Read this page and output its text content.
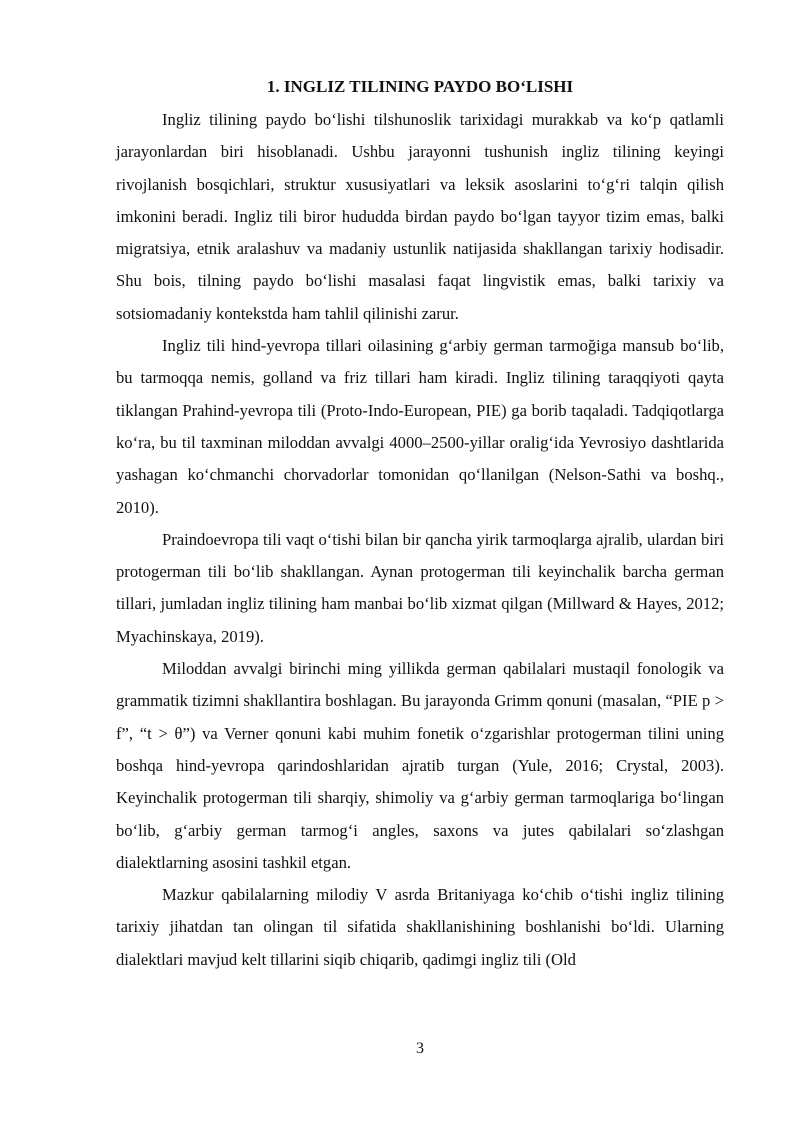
1. INGLIZ TILINING PAYDO BOʻLISHI

Ingliz tilining paydo boʻlishi tilshunoslik tarixidagi murakkab va koʻp qatlamli jarayonlardan biri hisoblanadi. Ushbu jarayonni tushunish ingliz tilining keyingi rivojlanish bosqichlari, struktur xususiyatlari va leksik asoslarini toʻgʻri talqin qilish imkonini beradi. Ingliz tili biror hududda birdan paydo boʻlgan tayyor tizim emas, balki migratsiya, etnik aralashuv va madaniy ustunlik natijasida shakllangan tarixiy hodisadir. Shu bois, tilning paydo boʻlishi masalasi faqat lingvistik emas, balki tarixiy va sotsiomadaniy kontekstda ham tahlil qilinishi zarur.

Ingliz tili hind-yevropa tillari oilasining gʻarbiy german tarmoğiga mansub boʻlib, bu tarmoqqa nemis, golland va friz tillari ham kiradi. Ingliz tilining taraqqiyoti qayta tiklangan Prahind-yevropa tili (Proto-Indo-European, PIE) ga borib taqaladi. Tadqiqotlarga koʻra, bu til taxminan miloddan avvalgi 4000–2500-yillar oraligʻida Yevrosiyo dashtlarida yashagan koʻchmanchi chorvadorlar tomonidan qoʻllanilgan (Nelson-Sathi va boshq., 2010).

Praindoevropa tili vaqt oʻtishi bilan bir qancha yirik tarmoqlarga ajralib, ulardan biri protogerman tili boʻlib shakllangan. Aynan protogerman tili keyinchalik barcha german tillari, jumladan ingliz tilining ham manbai boʻlib xizmat qilgan (Millward & Hayes, 2012; Myachinskaya, 2019).

Miloddan avvalgi birinchi ming yillikda german qabilalari mustaqil fonologik va grammatik tizimni shakllantira boshlagan. Bu jarayonda Grimm qonuni (masalan, “PIE p > f”, “t > θ”) va Verner qonuni kabi muhim fonetik oʻzgarishlar protogerman tilini uning boshqa hind-yevropa qarindoshlaridan ajratib turgan (Yule, 2016; Crystal, 2003). Keyinchalik protogerman tili sharqiy, shimoliy va gʻarbiy german tarmoqlariga boʻlingan boʻlib, gʻarbiy german tarmogʻi angles, saxons va jutes qabilalari soʻzlashgan dialektlarning asosini tashkil etgan.

Mazkur qabilalarning milodiy V asrda Britaniyaga koʻchib oʻtishi ingliz tilining tarixiy jihatdan tan olingan til sifatida shakllanishining boshlanishi boʻldi. Ularning dialektlari mavjud kelt tillarini siqib chiqarib, qadimgi ingliz tili (Old

3
